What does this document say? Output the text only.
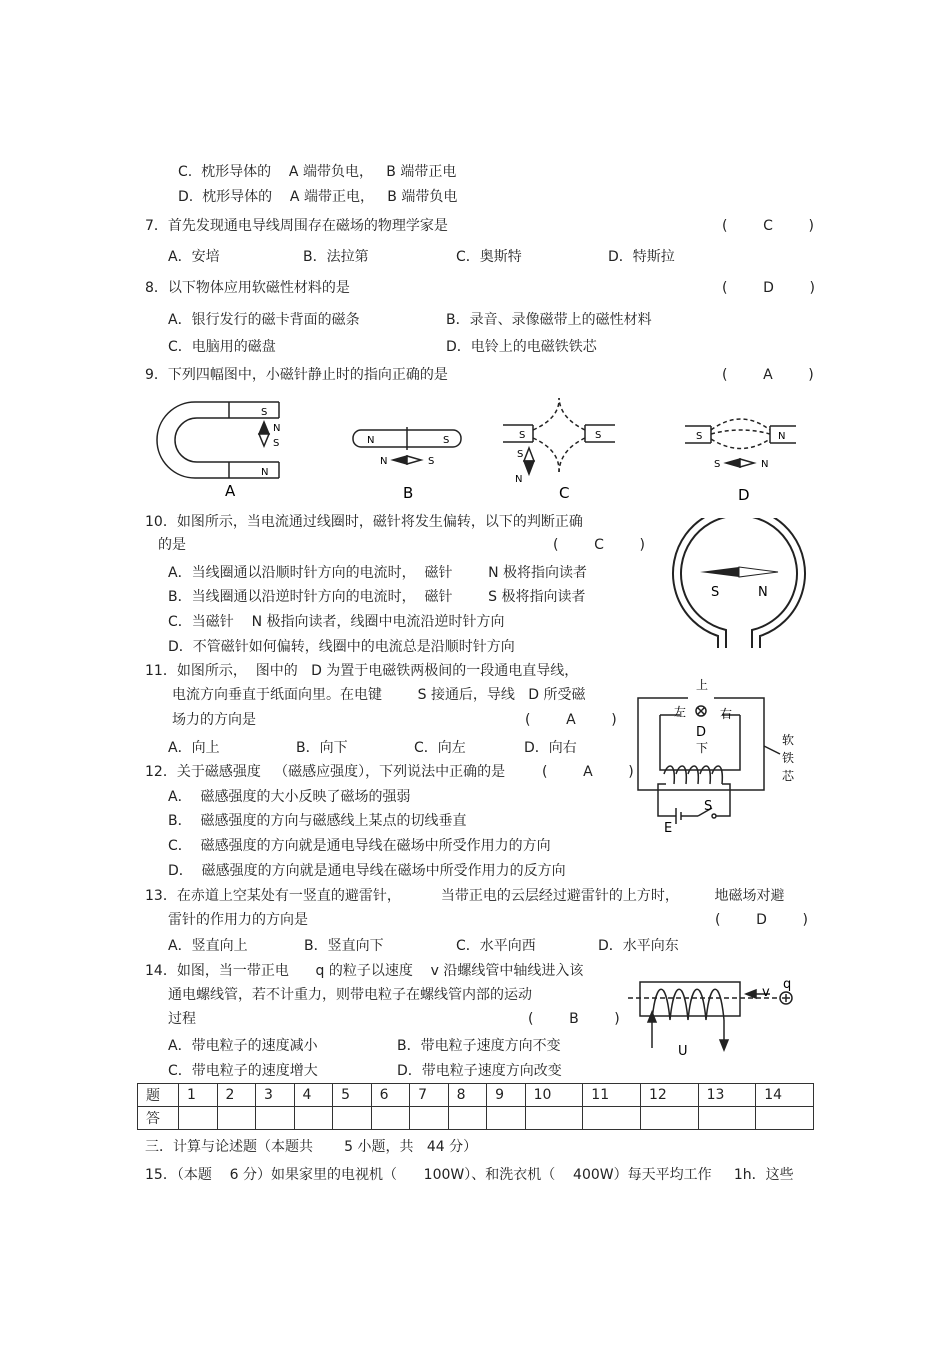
C.  枕形导体的    A 端带负电，   B 端带正电
D.  枕形导体的    A 端带正电，   B 端带负电
7．首先发现通电导线周围存在磁场的物理学家是	(        C        )
A．安培	B．法拉第	C．奥斯特	D．特斯拉
8．以下物体应用软磁性材料的是	(        D        )
A．银行发行的磁卡背面的磁条	B．录音、录像磁带上的磁性材料
C．电脑用的磁盘	D．电铃上的电磁铁铁芯
9．下列四幅图中，小磁针静止时的指向正确的是	(        A        )
S
N
S
N
A
N	S
N	S
B
S	S
S
N
C
S	N
S	N
D
10．如图所示，当电流通过线圈时，磁针将发生偏转，以下的判断正确
的是	(        C        )
A．当线圈通以沿顺时针方向的电流时，  磁针        N 极将指向读者
B．当线圈通以沿逆时针方向的电流时，  磁针        S 极将指向读者
C．当磁针    N 极指向读者，线圈中电流沿逆时针方向
D．不管磁针如何偏转，线圈中的电流总是沿顺时针方向
S	N
11．如图所示，  图中的   D 为置于电磁铁两极间的一段通电直导线，
电流方向垂直于纸面向里。在电键        S 接通后，导线   D 所受磁
场力的方向是	(        A        )
A．向上	B．向下	C．向左	D．向右
上
左	右
D
下
软
铁
芯
S
E
12．关于磁感强度   （磁感应强度），下列说法中正确的是	(        A        )
A．  磁感强度的大小反映了磁场的强弱
B．  磁感强度的方向与磁感线上某点的切线垂直
C．  磁感强度的方向就是通电导线在磁场中所受作用力的方向
D．  磁感强度的方向就是通电导线在磁场中所受作用力的反方向
13．在赤道上空某处有一竖直的避雷针，         当带正电的云层经过避雷针的上方时，        地磁场对避
雷针的作用力的方向是	(        D        )
A．竖直向上	B．竖直向下	C．水平向西	D．水平向东
14．如图，当一带正电      q 的粒子以速度    v 沿螺线管中轴线进入该
通电螺线管，若不计重力，则带电粒子在螺线管内部的运动
过程	(        B        )
A．带电粒子的速度减小	B．带电粒子速度方向不变
C．带电粒子的速度增大	D．带电粒子速度方向改变
v
q
U
题	1	2	3	4	5	6	7	8	9	10	11	12	13	14
答														
三．计算与论述题（本题共       5 小题，共   44 分）
15．（本题    6 分）如果家里的电视机（      100W）、和洗衣机（    400W）每天平均工作     1h．这些
